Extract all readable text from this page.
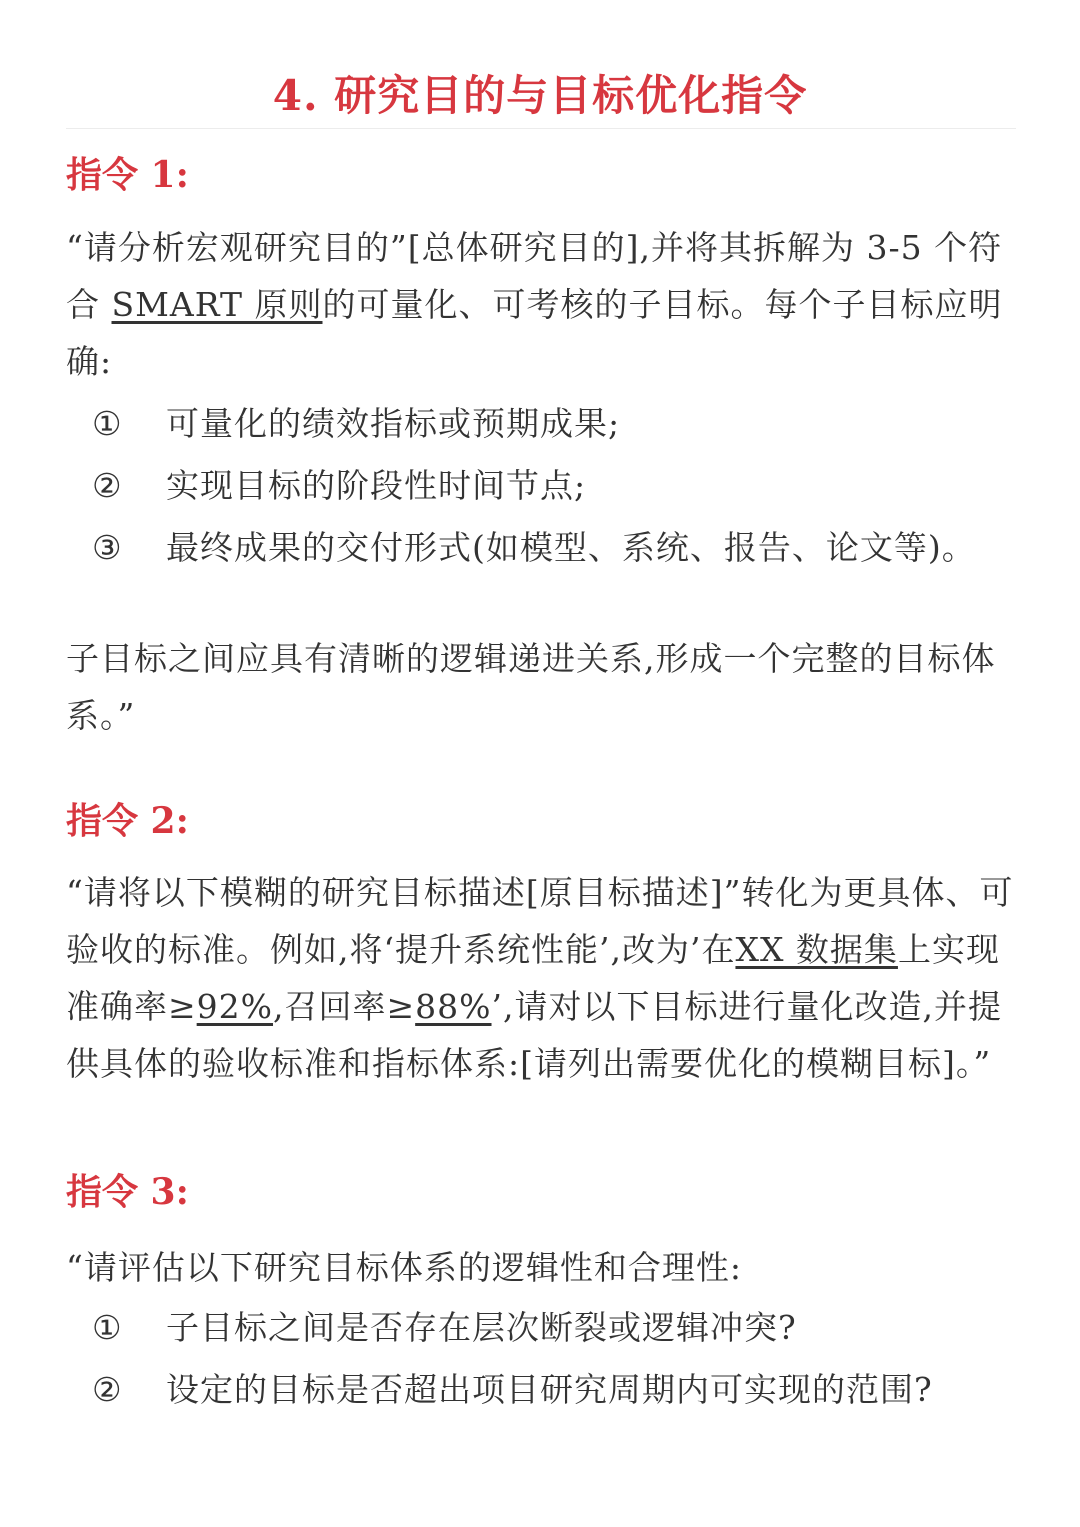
4. 研究目的与目标优化指令
指令 1:
“请分析宏观研究目的”[总体研究目的],并将其拆解为 3-5 个符合 SMART 原则的可量化、可考核的子目标。每个子目标应明确:
① 可量化的绩效指标或预期成果;
② 实现目标的阶段性时间节点;
③ 最终成果的交付形式(如模型、系统、报告、论文等)。
子目标之间应具有清晰的逻辑递进关系,形成一个完整的目标体系。”
指令 2:
“请将以下模糊的研究目标描述[原目标描述]”转化为更具体、可验收的标准。例如,将‘提升系统性能’,改为’在XX 数据集上实现准确率≥92%,召回率≥88%’,请对以下目标进行量化改造,并提供具体的验收标准和指标体系:[请列出需要优化的模糊目标]。”
指令 3:
“请评估以下研究目标体系的逻辑性和合理性:
① 子目标之间是否存在层次断裂或逻辑冲突?
② 设定的目标是否超出项目研究周期内可实现的范围?
